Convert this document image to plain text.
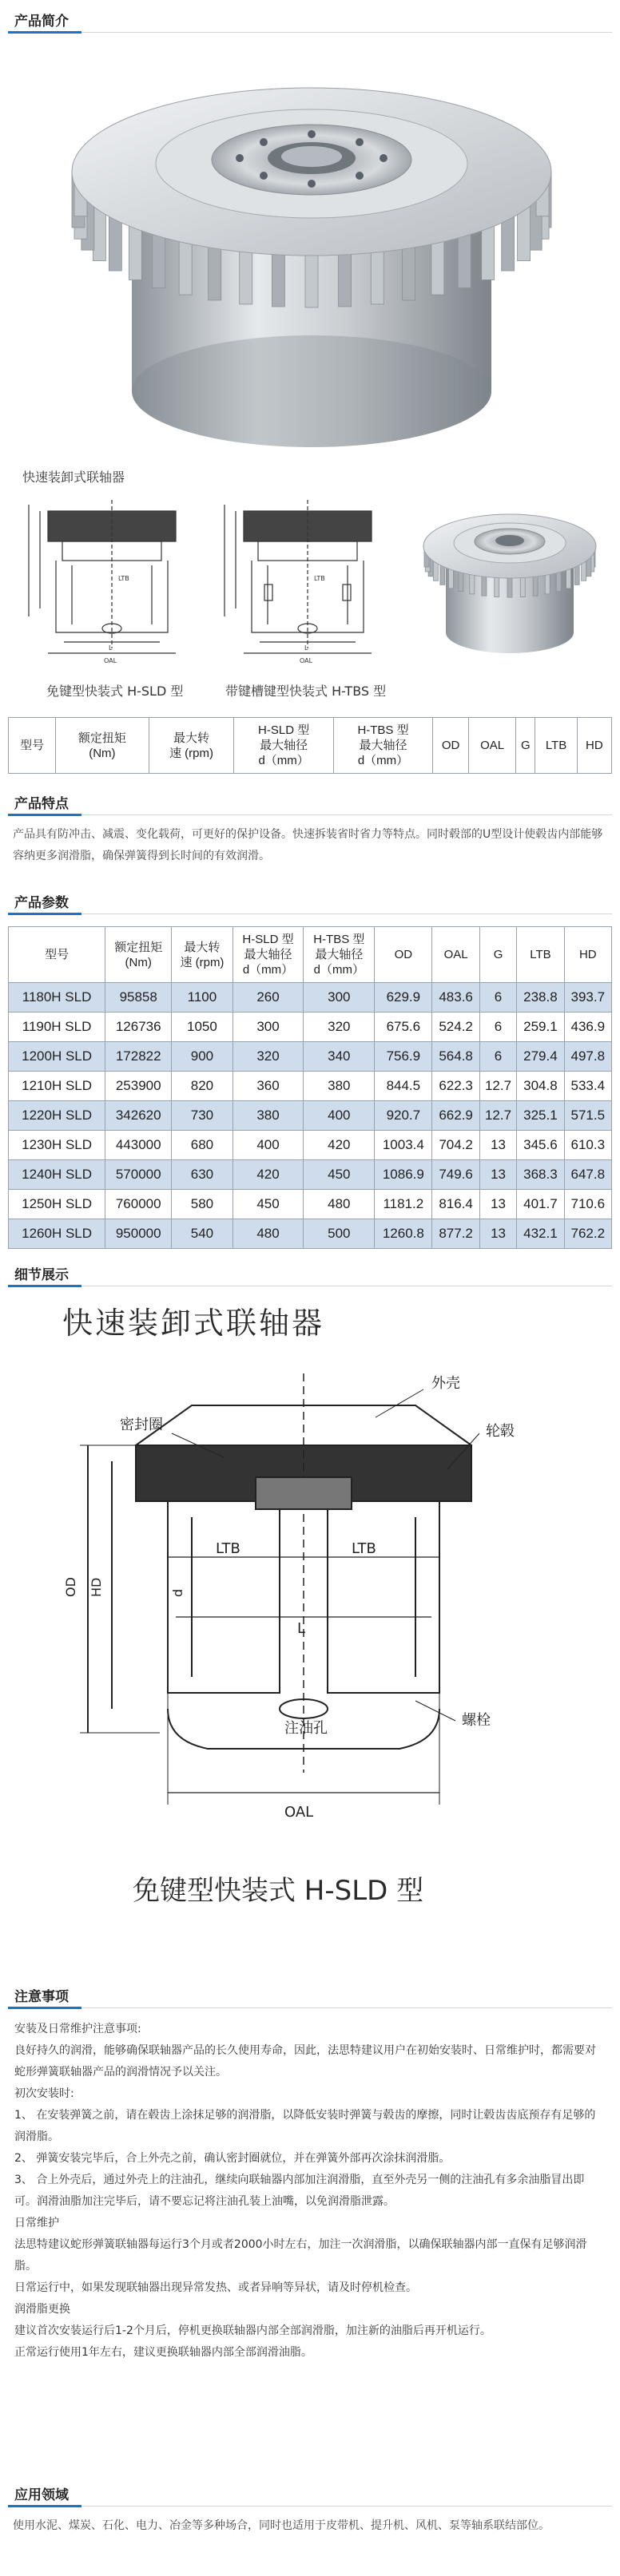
产品简介
快速装卸式联轴器
LTB
L
OAL
LTB
L
OAL
免键型快装式 H-SLD 型	带键槽键型快装式 H-TBS 型
型号	额定扭矩
(Nm)	最大转
速 (rpm)	H-SLD 型
最大轴径
d（mm）	H-TBS 型
最大轴径
d（mm）	OD	OAL	G	LTB	HD
产品特点
产品具有防冲击、减震、变化载荷，可更好的保护设备。快速拆装省时省力等特点。同时毂部的U型设计使毂齿内部能够容纳更多润滑脂，确保弹簧得到长时间的有效润滑。
产品参数
型号	额定扭矩
(Nm)	最大转
速 (rpm)	H-SLD 型
最大轴径
d（mm）	H-TBS 型
最大轴径
d（mm）	OD	OAL	G	LTB	HD
1180H SLD	95858	1100	260	300	629.9	483.6	6	238.8	393.7
1190H SLD	126736	1050	300	320	675.6	524.2	6	259.1	436.9
1200H SLD	172822	900	320	340	756.9	564.8	6	279.4	497.8
1210H SLD	253900	820	360	380	844.5	622.3	12.7	304.8	533.4
1220H SLD	342620	730	380	400	920.7	662.9	12.7	325.1	571.5
1230H SLD	443000	680	400	420	1003.4	704.2	13	345.6	610.3
1240H SLD	570000	630	420	450	1086.9	749.6	13	368.3	647.8
1250H SLD	760000	580	450	480	1181.2	816.4	13	401.7	710.6
1260H SLD	950000	540	480	500	1260.8	877.2	13	432.1	762.2
细节展示
快速装卸式联轴器
密封圈
外壳
轮毂
注油孔	螺栓
LTB	LTB
L
OAL
OD HD	d
免键型快装式 H-SLD 型
注意事项

安装及日常维护注意事项:

良好持久的润滑，能够确保联轴器产品的长久使用寿命，因此，法思特建议用户在初始安装时、日常维护时，都需要对蛇形弹簧联轴器产品的润滑情况予以关注。

初次安装时:

1、 在安装弹簧之前，请在毂齿上涂抹足够的润滑脂，以降低安装时弹簧与毂齿的摩擦，同时让毂齿齿底预存有足够的润滑脂。

2、 弹簧安装完毕后，合上外壳之前，确认密封圈就位，并在弹簧外部再次涂抹润滑脂。

3、 合上外壳后，通过外壳上的注油孔，继续向联轴器内部加注润滑脂，直至外壳另一侧的注油孔有多余油脂冒出即可。润滑油脂加注完毕后，请不要忘记将注油孔装上油嘴，以免润滑脂泄露。

日常维护

法思特建议蛇形弹簧联轴器每运行3个月或者2000小时左右，加注一次润滑脂，以确保联轴器内部一直保有足够润滑脂。

日常运行中，如果发现联轴器出现异常发热、或者异响等异状，请及时停机检查。

润滑脂更换

建议首次安装运行后1-2个月后，停机更换联轴器内部全部润滑脂，加注新的油脂后再开机运行。

正常运行使用1年左右，建议更换联轴器内部全部润滑油脂。

应用领域
使用水泥、煤炭、石化、电力、冶金等多种场合，同时也适用于皮带机、提升机、风机、泵等轴系联结部位。
